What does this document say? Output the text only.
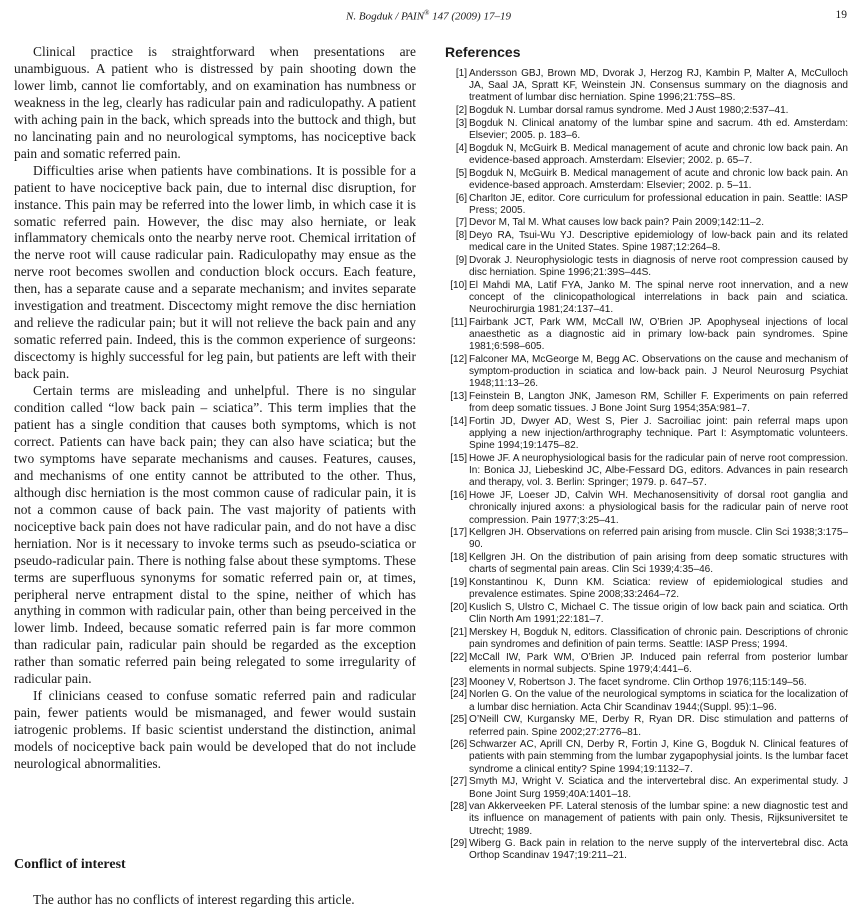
N. Bogduk / PAIN® 147 (2009) 17–19	19

Clinical practice is straightforward when presentations are unambiguous. A patient who is distressed by pain shooting down the lower limb, cannot lie comfortably, and on examination has numbness or weakness in the leg, clearly has radicular pain and radiculopathy. A patient with aching pain in the back, which spreads into the buttock and thigh, but no lancinating pain and no neurological symptoms, has nociceptive back pain and somatic referred pain.

Difficulties arise when patients have combinations. It is possible for a patient to have nociceptive back pain, due to internal disc disruption, for instance. This pain may be referred into the lower limb, in which case it is somatic referred pain. However, the disc may also herniate, or leak inflammatory chemicals onto the nearby nerve root. Chemical irritation of the nerve root will cause radicular pain. Radiculopathy may ensue as the nerve root becomes swollen and conduction block occurs. Each feature, then, has a separate cause and a separate mechanism; and invites separate investigation and treatment. Discectomy might remove the disc herniation and relieve the radicular pain; but it will not relieve the back pain and any somatic referred pain. Indeed, this is the common experience of surgeons: discectomy is highly successful for leg pain, but patients are left with their back pain.

Certain terms are misleading and unhelpful. There is no singular condition called “low back pain – sciatica”. This term implies that the patient has a single condition that causes both symptoms, which is not correct. Patients can have back pain; they can also have sciatica; but the two symptoms have separate mechanisms and causes. Features, causes, and mechanisms of one entity cannot be attributed to the other. Thus, although disc herniation is the most common cause of radicular pain, it is not a common cause of back pain. The vast majority of patients with nociceptive back pain does not have radicular pain, and do not have a disc herniation. Nor is it necessary to invoke terms such as pseudo-sciatica or pseudo-radicular pain. There is nothing false about these symptoms. These terms are superfluous synonyms for somatic referred pain or, at times, peripheral nerve entrapment distal to the spine, neither of which has anything in common with radicular pain, other than being perceived in the lower limb. Indeed, because somatic referred pain is far more common than radicular pain, radicular pain should be regarded as the exception rather than somatic referred pain being relegated to some irregularity of radicular pain.

If clinicians ceased to confuse somatic referred pain and radicular pain, fewer patients would be mismanaged, and fewer would sustain iatrogenic problems. If basic scientist understand the distinction, animal models of nociceptive back pain would be developed that do not include neurological abnormalities.

Conflict of interest

The author has no conflicts of interest regarding this article.

References
[1] Andersson GBJ, Brown MD, Dvorak J, Herzog RJ, Kambin P, Malter A, McCulloch JA, Saal JA, Spratt KF, Weinstein JN. Consensus summary on the diagnosis and treatment of lumbar disc herniation. Spine 1996;21:75S–8S.
[2] Bogduk N. Lumbar dorsal ramus syndrome. Med J Aust 1980;2:537–41.
[3] Bogduk N. Clinical anatomy of the lumbar spine and sacrum. 4th ed. Amsterdam: Elsevier; 2005. p. 183–6.
[4] Bogduk N, McGuirk B. Medical management of acute and chronic low back pain. An evidence-based approach. Amsterdam: Elsevier; 2002. p. 65–7.
[5] Bogduk N, McGuirk B. Medical management of acute and chronic low back pain. An evidence-based approach. Amsterdam: Elsevier; 2002. p. 5–11.
[6] Charlton JE, editor. Core curriculum for professional education in pain. Seattle: IASP Press; 2005.
[7] Devor M, Tal M. What causes low back pain? Pain 2009;142:11–2.
[8] Deyo RA, Tsui-Wu YJ. Descriptive epidemiology of low-back pain and its related medical care in the United States. Spine 1987;12:264–8.
[9] Dvorak J. Neurophysiologic tests in diagnosis of nerve root compression caused by disc herniation. Spine 1996;21:39S–44S.
[10] El Mahdi MA, Latif FYA, Janko M. The spinal nerve root innervation, and a new concept of the clinicopathological interrelations in back pain and sciatica. Neurochirurgia 1981;24:137–41.
[11] Fairbank JCT, Park WM, McCall IW, O’Brien JP. Apophyseal injections of local anaesthetic as a diagnostic aid in primary low-back pain syndromes. Spine 1981;6:598–605.
[12] Falconer MA, McGeorge M, Begg AC. Observations on the cause and mechanism of symptom-production in sciatica and low-back pain. J Neurol Neurosurg Psychiat 1948;11:13–26.
[13] Feinstein B, Langton JNK, Jameson RM, Schiller F. Experiments on pain referred from deep somatic tissues. J Bone Joint Surg 1954;35A:981–7.
[14] Fortin JD, Dwyer AD, West S, Pier J. Sacroiliac joint: pain referral maps upon applying a new injection/arthrography technique. Part I: Asymptomatic volunteers. Spine 1994;19:1475–82.
[15] Howe JF. A neurophysiological basis for the radicular pain of nerve root compression. In: Bonica JJ, Liebeskind JC, Albe-Fessard DG, editors. Advances in pain research and therapy, vol. 3. Berlin: Springer; 1979. p. 647–57.
[16] Howe JF, Loeser JD, Calvin WH. Mechanosensitivity of dorsal root ganglia and chronically injured axons: a physiological basis for the radicular pain of nerve root compression. Pain 1977;3:25–41.
[17] Kellgren JH. Observations on referred pain arising from muscle. Clin Sci 1938;3:175–90.
[18] Kellgren JH. On the distribution of pain arising from deep somatic structures with charts of segmental pain areas. Clin Sci 1939;4:35–46.
[19] Konstantinou K, Dunn KM. Sciatica: review of epidemiological studies and prevalence estimates. Spine 2008;33:2464–72.
[20] Kuslich S, Ulstro C, Michael C. The tissue origin of low back pain and sciatica. Orth Clin North Am 1991;22:181–7.
[21] Merskey H, Bogduk N, editors. Classification of chronic pain. Descriptions of chronic pain syndromes and definition of pain terms. Seattle: IASP Press; 1994.
[22] McCall IW, Park WM, O’Brien JP. Induced pain referral from posterior lumbar elements in normal subjects. Spine 1979;4:441–6.
[23] Mooney V, Robertson J. The facet syndrome. Clin Orthop 1976;115:149–56.
[24] Norlen G. On the value of the neurological symptoms in sciatica for the localization of a lumbar disc herniation. Acta Chir Scandinav 1944;(Suppl. 95):1–96.
[25] O’Neill CW, Kurgansky ME, Derby R, Ryan DR. Disc stimulation and patterns of referred pain. Spine 2002;27:2776–81.
[26] Schwarzer AC, Aprill CN, Derby R, Fortin J, Kine G, Bogduk N. Clinical features of patients with pain stemming from the lumbar zygapophysial joints. Is the lumbar facet syndrome a clinical entity? Spine 1994;19:1132–7.
[27] Smyth MJ, Wright V. Sciatica and the intervertebral disc. An experimental study. J Bone Joint Surg 1959;40A:1401–18.
[28] van Akkerveeken PF. Lateral stenosis of the lumbar spine: a new diagnostic test and its influence on management of patients with pain only. Thesis, Rijksuniversitet te Utrecht; 1989.
[29] Wiberg G. Back pain in relation to the nerve supply of the intervertebral disc. Acta Orthop Scandinav 1947;19:211–21.
